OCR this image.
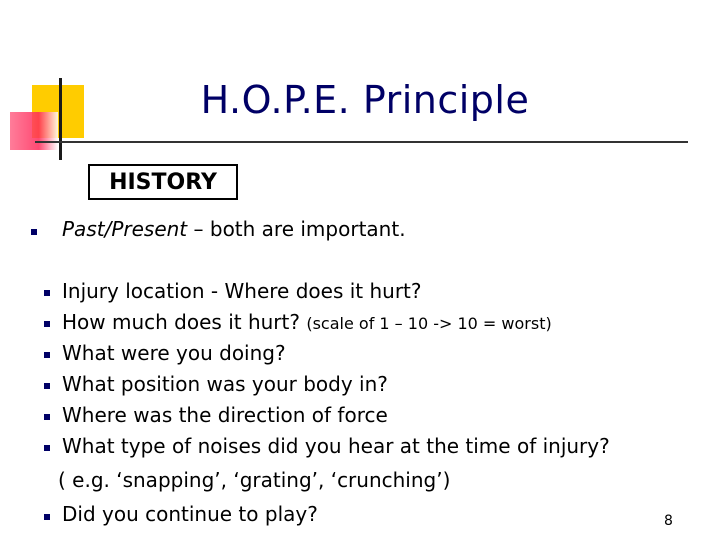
H.O.P.E. Principle
HISTORY
Past/Present – both are important.
Injury location - Where does it hurt?
How much does it hurt? (scale of 1 – 10 -> 10 = worst)
What were you doing?
What position was your body in?
Where was the direction of force
What type of noises did you hear at the time of injury?
( e.g. ‘snapping’, ‘grating’, ‘crunching’)
Did you continue to play?	8
